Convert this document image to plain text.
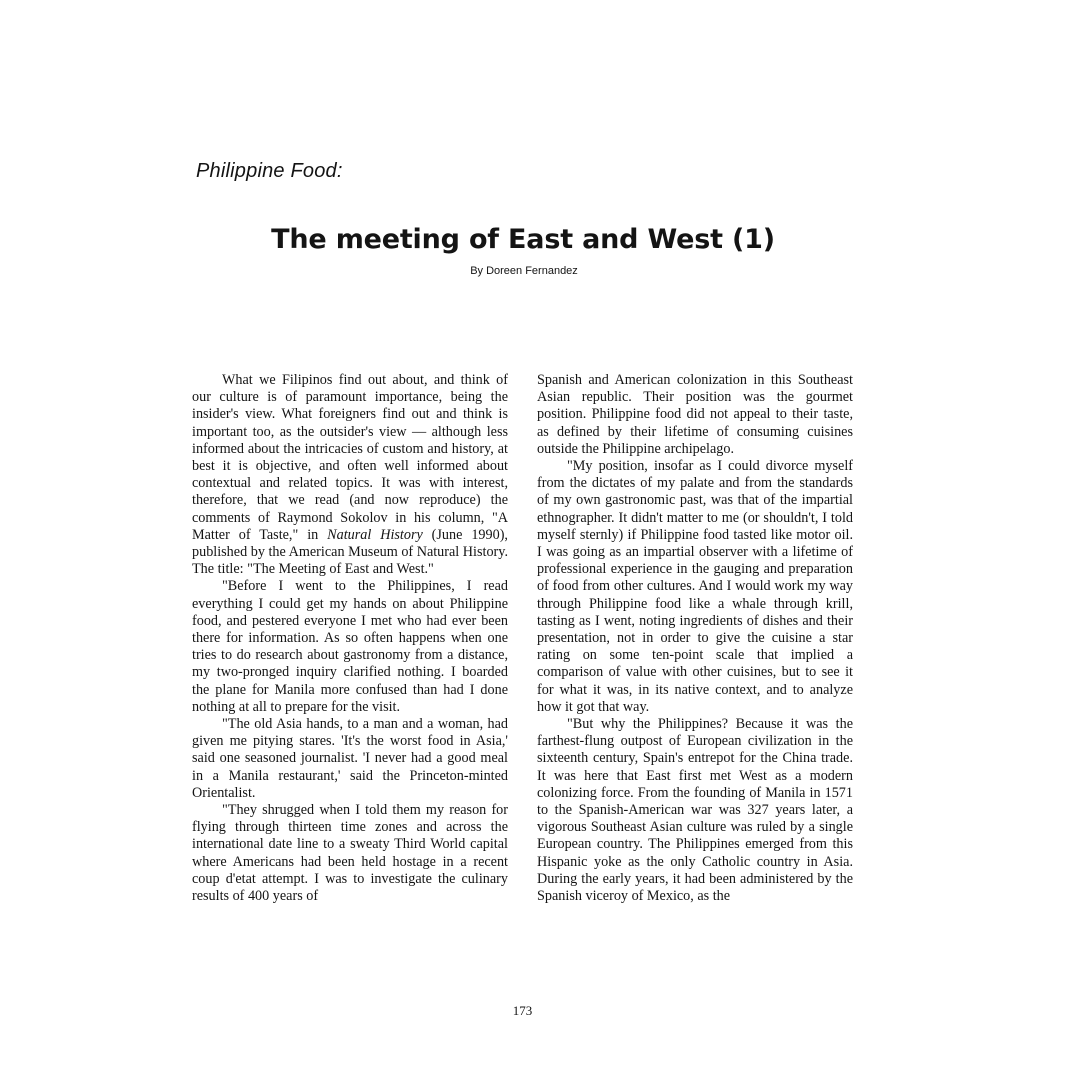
Philippine Food:
The meeting of East and West (1)
By Doreen Fernandez

What we Filipinos find out about, and think of our culture is of paramount importance, being the insider's view. What foreigners find out and think is important too, as the outsider's view — although less informed about the intricacies of custom and history, at best it is objective, and often well informed about contextual and related topics. It was with interest, therefore, that we read (and now reproduce) the comments of Raymond Sokolov in his column, "A Matter of Taste," in Natural History (June 1990), published by the American Museum of Natural History. The title: "The Meeting of East and West."

"Before I went to the Philippines, I read everything I could get my hands on about Philippine food, and pestered everyone I met who had ever been there for information. As so often happens when one tries to do research about gastronomy from a distance, my two-pronged inquiry clarified nothing. I boarded the plane for Manila more confused than had I done nothing at all to prepare for the visit.

"The old Asia hands, to a man and a woman, had given me pitying stares. 'It's the worst food in Asia,' said one seasoned journalist. 'I never had a good meal in a Manila restaurant,' said the Princeton-minted Orientalist.

"They shrugged when I told them my reason for flying through thirteen time zones and across the international date line to a sweaty Third World capital where Americans had been held hostage in a recent coup d'etat attempt. I was to investigate the culinary results of 400 years of

Spanish and American colonization in this Southeast Asian republic. Their position was the gourmet position. Philippine food did not appeal to their taste, as defined by their lifetime of consuming cuisines outside the Philippine archipelago.

"My position, insofar as I could divorce myself from the dictates of my palate and from the standards of my own gastronomic past, was that of the impartial ethnographer. It didn't matter to me (or shouldn't, I told myself sternly) if Philippine food tasted like motor oil. I was going as an impartial observer with a lifetime of professional experience in the gauging and preparation of food from other cultures. And I would work my way through Philippine food like a whale through krill, tasting as I went, noting ingredients of dishes and their presentation, not in order to give the cuisine a star rating on some ten-point scale that implied a comparison of value with other cuisines, but to see it for what it was, in its native context, and to analyze how it got that way.

"But why the Philippines? Because it was the farthest-flung outpost of European civilization in the sixteenth century, Spain's entrepot for the China trade. It was here that East first met West as a modern colonizing force. From the founding of Manila in 1571 to the Spanish-American war was 327 years later, a vigorous Southeast Asian culture was ruled by a single European country. The Philippines emerged from this Hispanic yoke as the only Catholic country in Asia. During the early years, it had been administered by the Spanish viceroy of Mexico, as the

173
